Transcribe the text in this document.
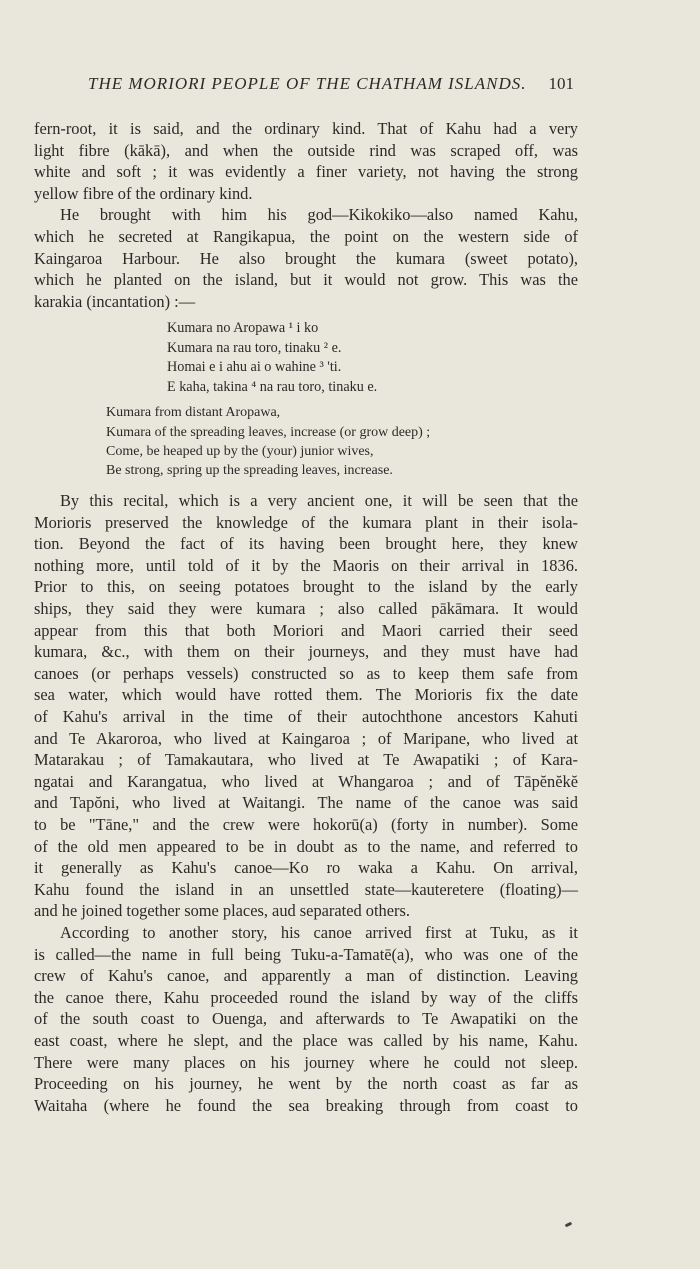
THE MORIORI PEOPLE OF THE CHATHAM ISLANDS. 101
fern-root, it is said, and the ordinary kind. That of Kahu had a very
light fibre (kākā), and when the outside rind was scraped off, was
white and soft ; it was evidently a finer variety, not having the strong
yellow fibre of the ordinary kind.
He brought with him his god—Kikokiko—also named Kahu,
which he secreted at Rangikapua, the point on the western side of
Kaingaroa Harbour. He also brought the kumara (sweet potato),
which he planted on the island, but it would not grow. This was the
karakia (incantation) :—
Kumara no Aropawa ¹ i ko
Kumara na rau toro, tinaku ² e.
Homai e i ahu ai o wahine ³ 'ti.
E kaha, takina ⁴ na rau toro, tinaku e.
Kumara from distant Aropawa,
Kumara of the spreading leaves, increase (or grow deep) ;
Come, be heaped up by the (your) junior wives,
Be strong, spring up the spreading leaves, increase.
By this recital, which is a very ancient one, it will be seen that the
Morioris preserved the knowledge of the kumara plant in their isola-
tion. Beyond the fact of its having been brought here, they knew
nothing more, until told of it by the Maoris on their arrival in 1836.
Prior to this, on seeing potatoes brought to the island by the early
ships, they said they were kumara ; also called pākāmara. It would
appear from this that both Moriori and Maori carried their seed
kumara, &c., with them on their journeys, and they must have had
canoes (or perhaps vessels) constructed so as to keep them safe from
sea water, which would have rotted them. The Morioris fix the date
of Kahu's arrival in the time of their autochthone ancestors Kahuti
and Te Akaroroa, who lived at Kaingaroa ; of Maripane, who lived at
Matarakau ; of Tamakautara, who lived at Te Awapatiki ; of Kara-
ngatai and Karangatua, who lived at Whangaroa ; and of Tāpĕnĕkĕ
and Tapŏni, who lived at Waitangi. The name of the canoe was said
to be "Tāne," and the crew were hokorū(a) (forty in number). Some
of the old men appeared to be in doubt as to the name, and referred to
it generally as Kahu's canoe—Ko ro waka a Kahu. On arrival,
Kahu found the island in an unsettled state—kauteretere (floating)—
and he joined together some places, aud separated others.
According to another story, his canoe arrived first at Tuku, as it
is called—the name in full being Tuku-a-Tamatē(a), who was one of the
crew of Kahu's canoe, and apparently a man of distinction. Leaving
the canoe there, Kahu proceeded round the island by way of the cliffs
of the south coast to Ouenga, and afterwards to Te Awapatiki on the
east coast, where he slept, and the place was called by his name, Kahu.
There were many places on his journey where he could not sleep.
Proceeding on his journey, he went by the north coast as far as
Waitaha (where he found the sea breaking through from coast to
